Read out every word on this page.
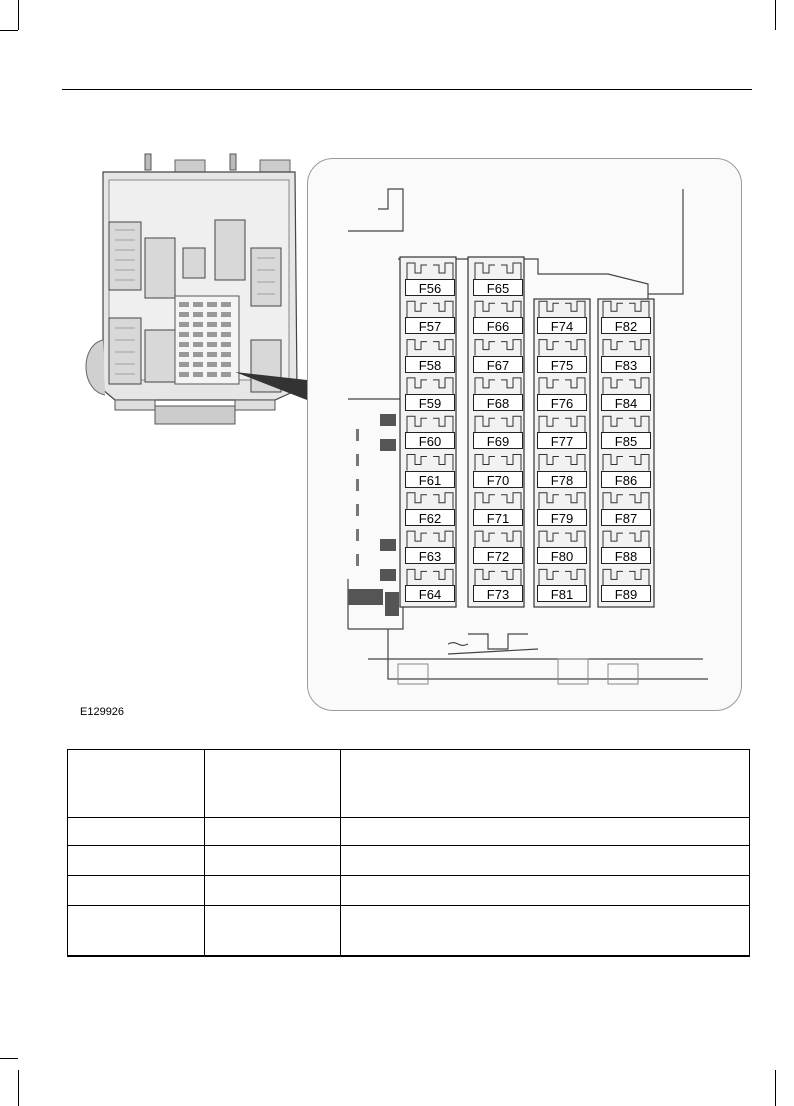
F56	F65
F57	F66	F74	F82
F58	F67	F75	F83
F59	F68	F76	F84
F60	F69	F77	F85
F61	F70	F78	F86
F62	F71	F79	F87
F63	F72	F80	F88
F64	F73	F81	F89
E129926
